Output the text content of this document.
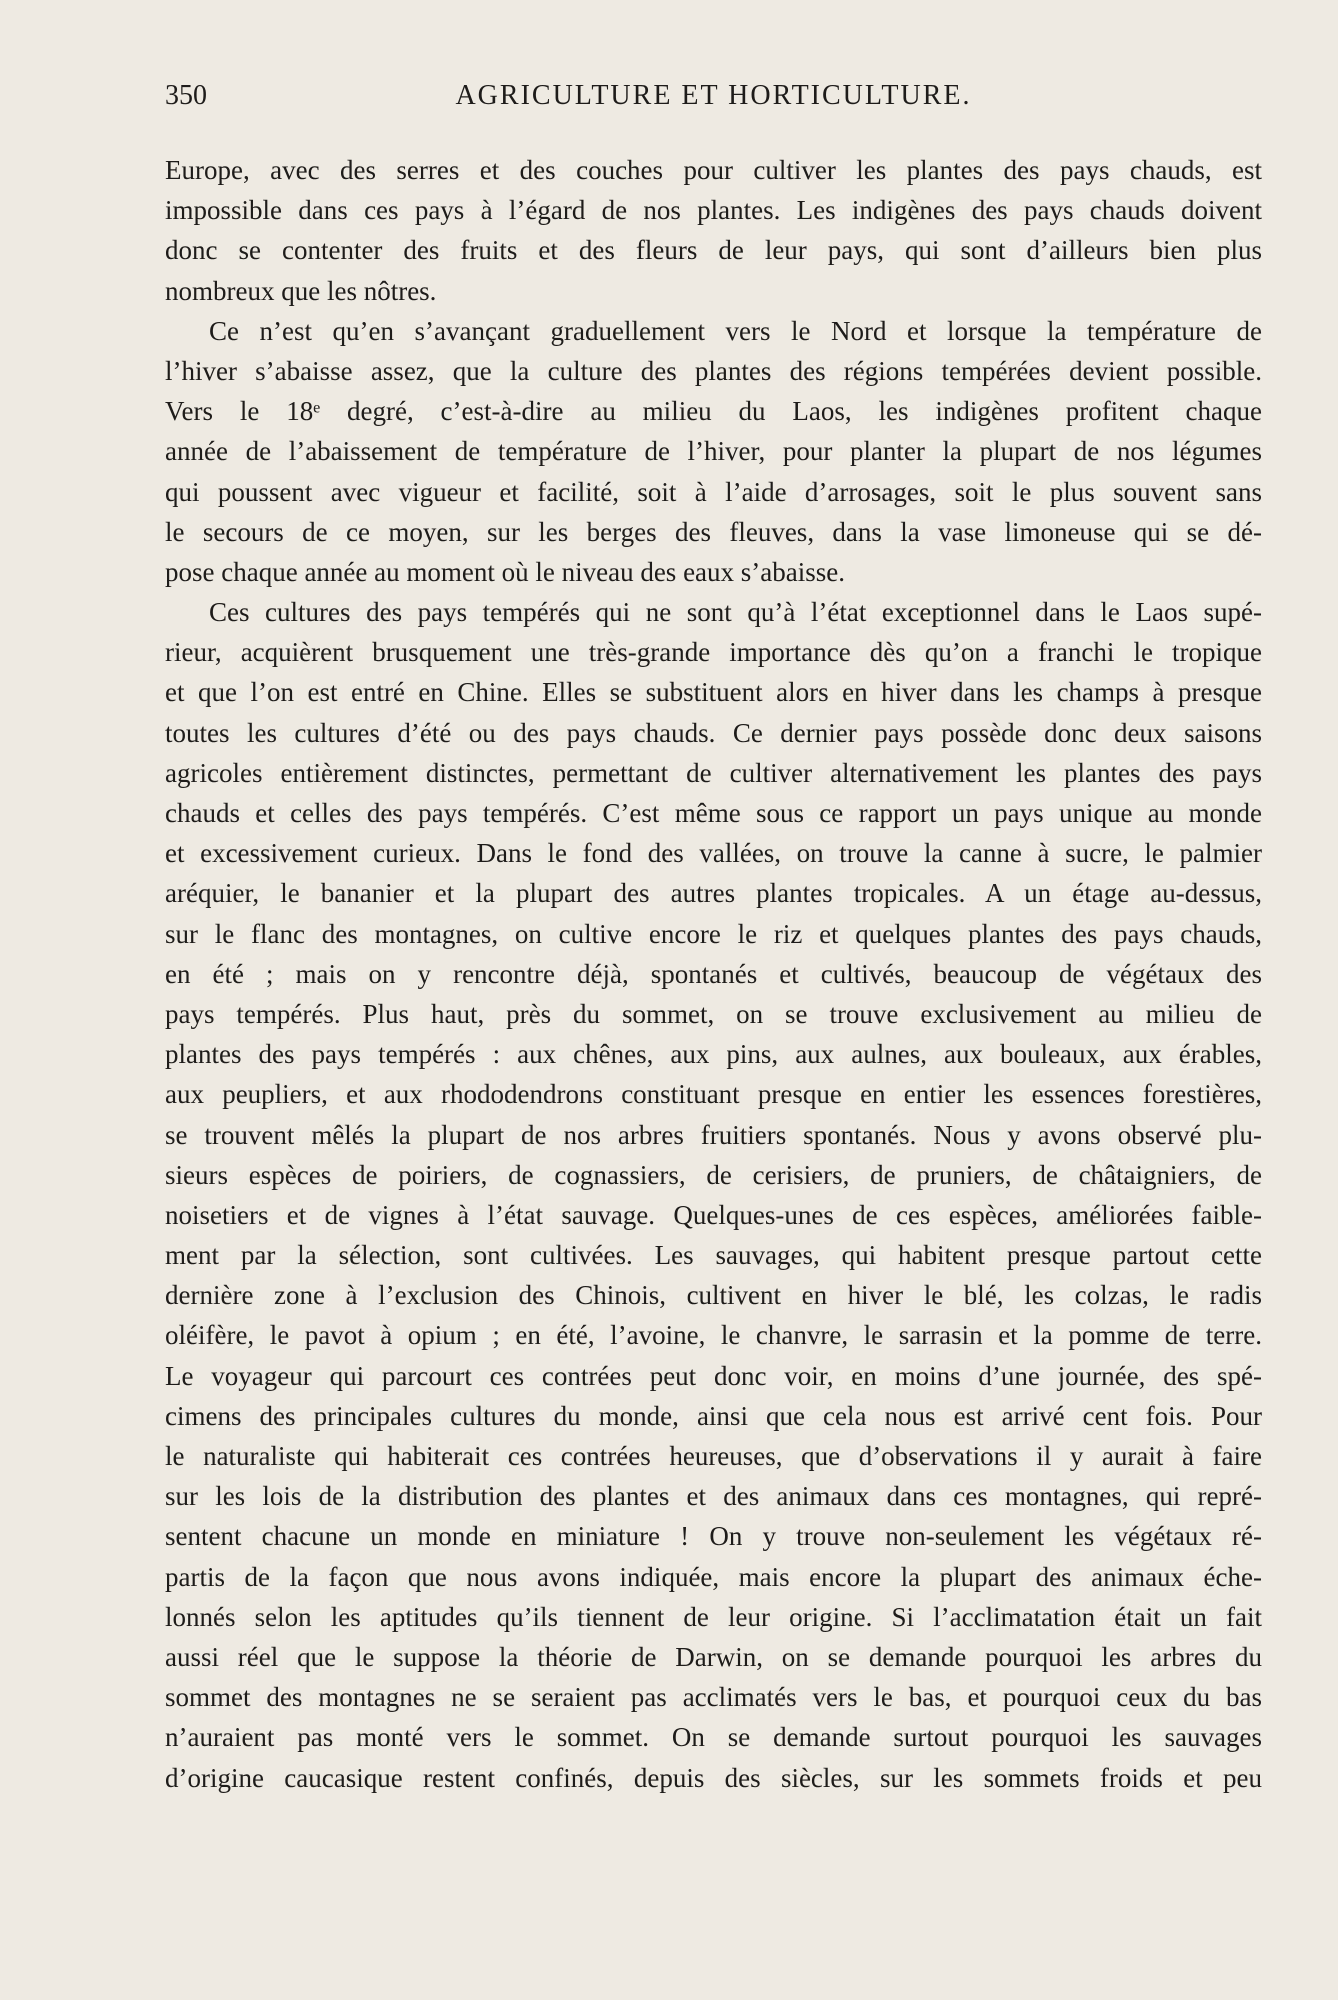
350	AGRICULTURE ET HORTICULTURE.
Europe, avec des serres et des couches pour cultiver les plantes des pays chauds, est
impossible dans ces pays à l’égard de nos plantes. Les indigènes des pays chauds doivent
donc se contenter des fruits et des fleurs de leur pays, qui sont d’ailleurs bien plus
nombreux que les nôtres.
Ce n’est qu’en s’avançant graduellement vers le Nord et lorsque la température de
l’hiver s’abaisse assez, que la culture des plantes des régions tempérées devient possible.
Vers le 18ᵉ degré, c’est-à-dire au milieu du Laos, les indigènes profitent chaque
année de l’abaissement de température de l’hiver, pour planter la plupart de nos légumes
qui poussent avec vigueur et facilité, soit à l’aide d’arrosages, soit le plus souvent sans
le secours de ce moyen, sur les berges des fleuves, dans la vase limoneuse qui se dé-
pose chaque année au moment où le niveau des eaux s’abaisse.
Ces cultures des pays tempérés qui ne sont qu’à l’état exceptionnel dans le Laos supé-
rieur, acquièrent brusquement une très-grande importance dès qu’on a franchi le tropique
et que l’on est entré en Chine. Elles se substituent alors en hiver dans les champs à presque
toutes les cultures d’été ou des pays chauds. Ce dernier pays possède donc deux saisons
agricoles entièrement distinctes, permettant de cultiver alternativement les plantes des pays
chauds et celles des pays tempérés. C’est même sous ce rapport un pays unique au monde
et excessivement curieux. Dans le fond des vallées, on trouve la canne à sucre, le palmier
aréquier, le bananier et la plupart des autres plantes tropicales. A un étage au-dessus,
sur le flanc des montagnes, on cultive encore le riz et quelques plantes des pays chauds,
en été ; mais on y rencontre déjà, spontanés et cultivés, beaucoup de végétaux des
pays tempérés. Plus haut, près du sommet, on se trouve exclusivement au milieu de
plantes des pays tempérés : aux chênes, aux pins, aux aulnes, aux bouleaux, aux érables,
aux peupliers, et aux rhododendrons constituant presque en entier les essences forestières,
se trouvent mêlés la plupart de nos arbres fruitiers spontanés. Nous y avons observé plu-
sieurs espèces de poiriers, de cognassiers, de cerisiers, de pruniers, de châtaigniers, de
noisetiers et de vignes à l’état sauvage. Quelques-unes de ces espèces, améliorées faible-
ment par la sélection, sont cultivées. Les sauvages, qui habitent presque partout cette
dernière zone à l’exclusion des Chinois, cultivent en hiver le blé, les colzas, le radis
oléifère, le pavot à opium ; en été, l’avoine, le chanvre, le sarrasin et la pomme de terre.
Le voyageur qui parcourt ces contrées peut donc voir, en moins d’une journée, des spé-
cimens des principales cultures du monde, ainsi que cela nous est arrivé cent fois. Pour
le naturaliste qui habiterait ces contrées heureuses, que d’observations il y aurait à faire
sur les lois de la distribution des plantes et des animaux dans ces montagnes, qui repré-
sentent chacune un monde en miniature ! On y trouve non-seulement les végétaux ré-
partis de la façon que nous avons indiquée, mais encore la plupart des animaux éche-
lonnés selon les aptitudes qu’ils tiennent de leur origine. Si l’acclimatation était un fait
aussi réel que le suppose la théorie de Darwin, on se demande pourquoi les arbres du
sommet des montagnes ne se seraient pas acclimatés vers le bas, et pourquoi ceux du bas
n’auraient pas monté vers le sommet. On se demande surtout pourquoi les sauvages
d’origine caucasique restent confinés, depuis des siècles, sur les sommets froids et peu
